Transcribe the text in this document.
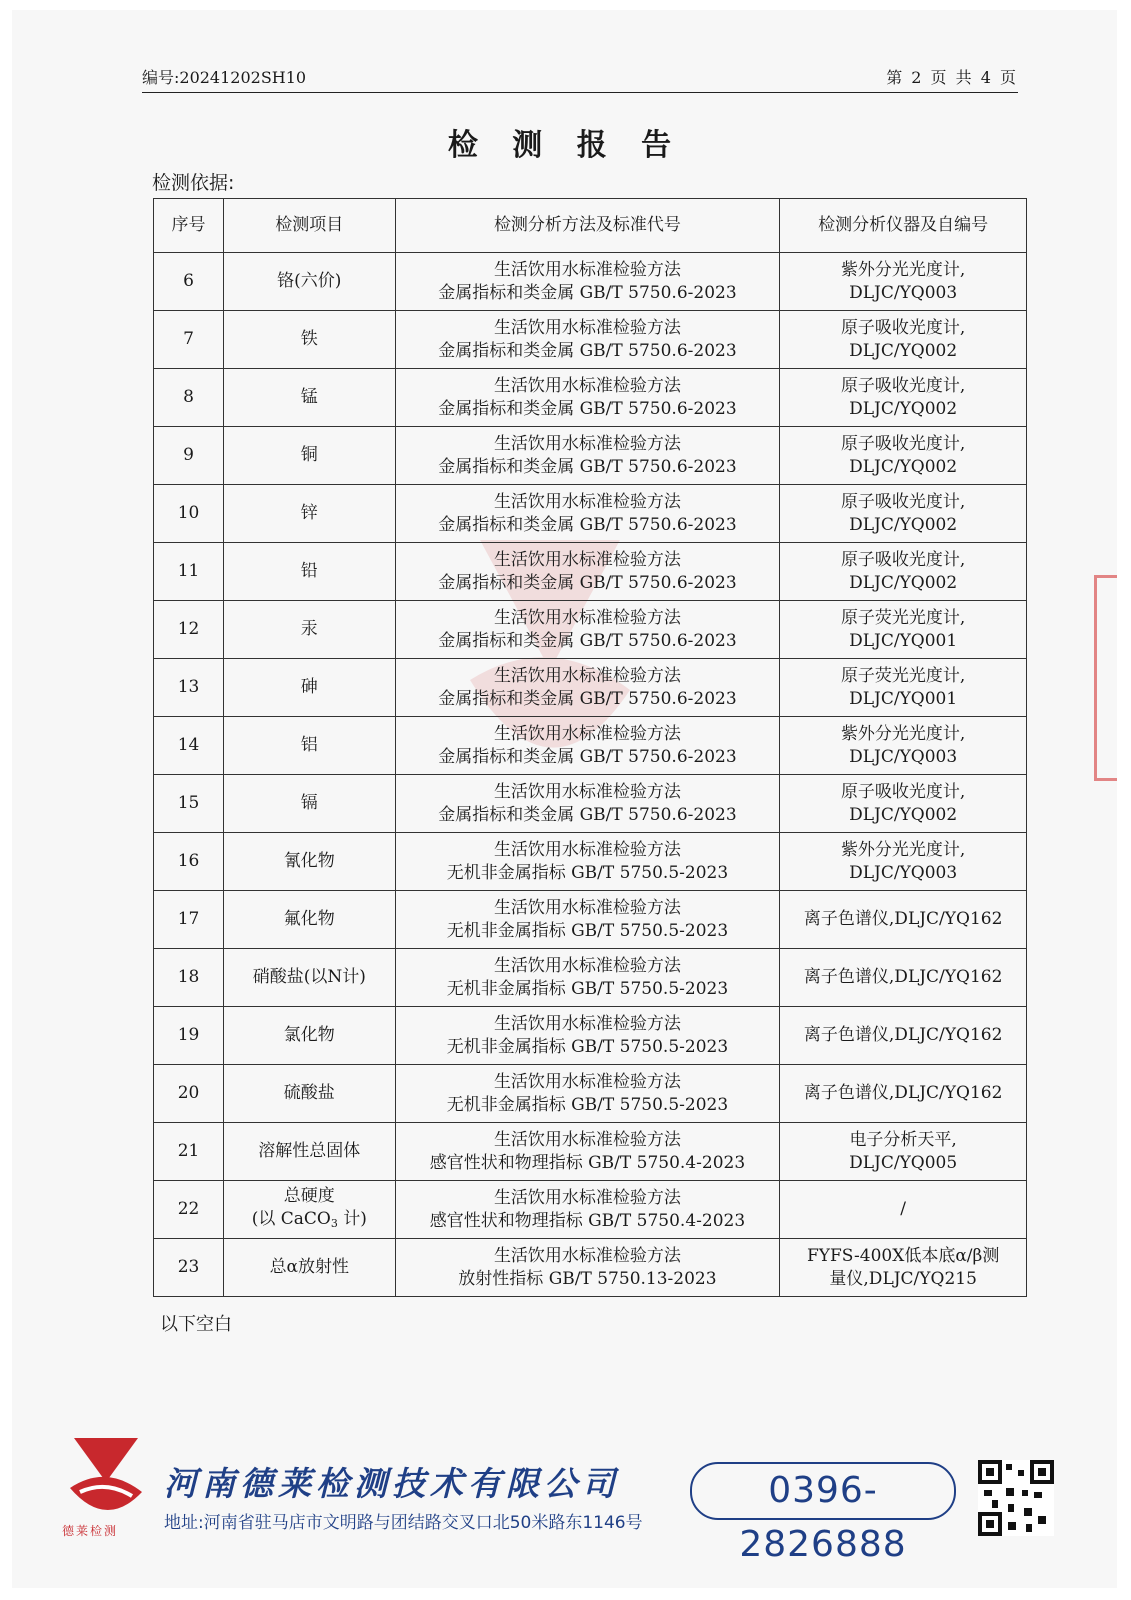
编号:20241202SH10	第 2 页 共 4 页
检 测 报 告
检测依据:
序号	检测项目	检测分析方法及标准代号	检测分析仪器及自编号
6	铬(六价)	生活饮用水标准检验方法
金属指标和类金属 GB/T 5750.6-2023	紫外分光光度计,
DLJC/YQ003
7	铁	生活饮用水标准检验方法
金属指标和类金属 GB/T 5750.6-2023	原子吸收光度计,
DLJC/YQ002
8	锰	生活饮用水标准检验方法
金属指标和类金属 GB/T 5750.6-2023	原子吸收光度计,
DLJC/YQ002
9	铜	生活饮用水标准检验方法
金属指标和类金属 GB/T 5750.6-2023	原子吸收光度计,
DLJC/YQ002
10	锌	生活饮用水标准检验方法
金属指标和类金属 GB/T 5750.6-2023	原子吸收光度计,
DLJC/YQ002
11	铅	生活饮用水标准检验方法
金属指标和类金属 GB/T 5750.6-2023	原子吸收光度计,
DLJC/YQ002
12	汞	生活饮用水标准检验方法
金属指标和类金属 GB/T 5750.6-2023	原子荧光光度计,
DLJC/YQ001
13	砷	生活饮用水标准检验方法
金属指标和类金属 GB/T 5750.6-2023	原子荧光光度计,
DLJC/YQ001
14	铝	生活饮用水标准检验方法
金属指标和类金属 GB/T 5750.6-2023	紫外分光光度计,
DLJC/YQ003
15	镉	生活饮用水标准检验方法
金属指标和类金属 GB/T 5750.6-2023	原子吸收光度计,
DLJC/YQ002
16	氰化物	生活饮用水标准检验方法
无机非金属指标 GB/T 5750.5-2023	紫外分光光度计,
DLJC/YQ003
17	氟化物	生活饮用水标准检验方法
无机非金属指标 GB/T 5750.5-2023	离子色谱仪,DLJC/YQ162
18	硝酸盐(以N计)	生活饮用水标准检验方法
无机非金属指标 GB/T 5750.5-2023	离子色谱仪,DLJC/YQ162
19	氯化物	生活饮用水标准检验方法
无机非金属指标 GB/T 5750.5-2023	离子色谱仪,DLJC/YQ162
20	硫酸盐	生活饮用水标准检验方法
无机非金属指标 GB/T 5750.5-2023	离子色谱仪,DLJC/YQ162
21	溶解性总固体	生活饮用水标准检验方法
感官性状和物理指标 GB/T 5750.4-2023	电子分析天平,
DLJC/YQ005
22	总硬度
(以 CaCO$_3$ 计)	生活饮用水标准检验方法
感官性状和物理指标 GB/T 5750.4-2023	/
23	总α放射性	生活饮用水标准检验方法
放射性指标 GB/T 5750.13-2023	FYFS-400X低本底α/β测
量仪,DLJC/YQ215
以下空白
德莱检测
河南德莱检测技术有限公司
地址:河南省驻马店市文明路与团结路交叉口北50米路东1146号
0396-2826888
